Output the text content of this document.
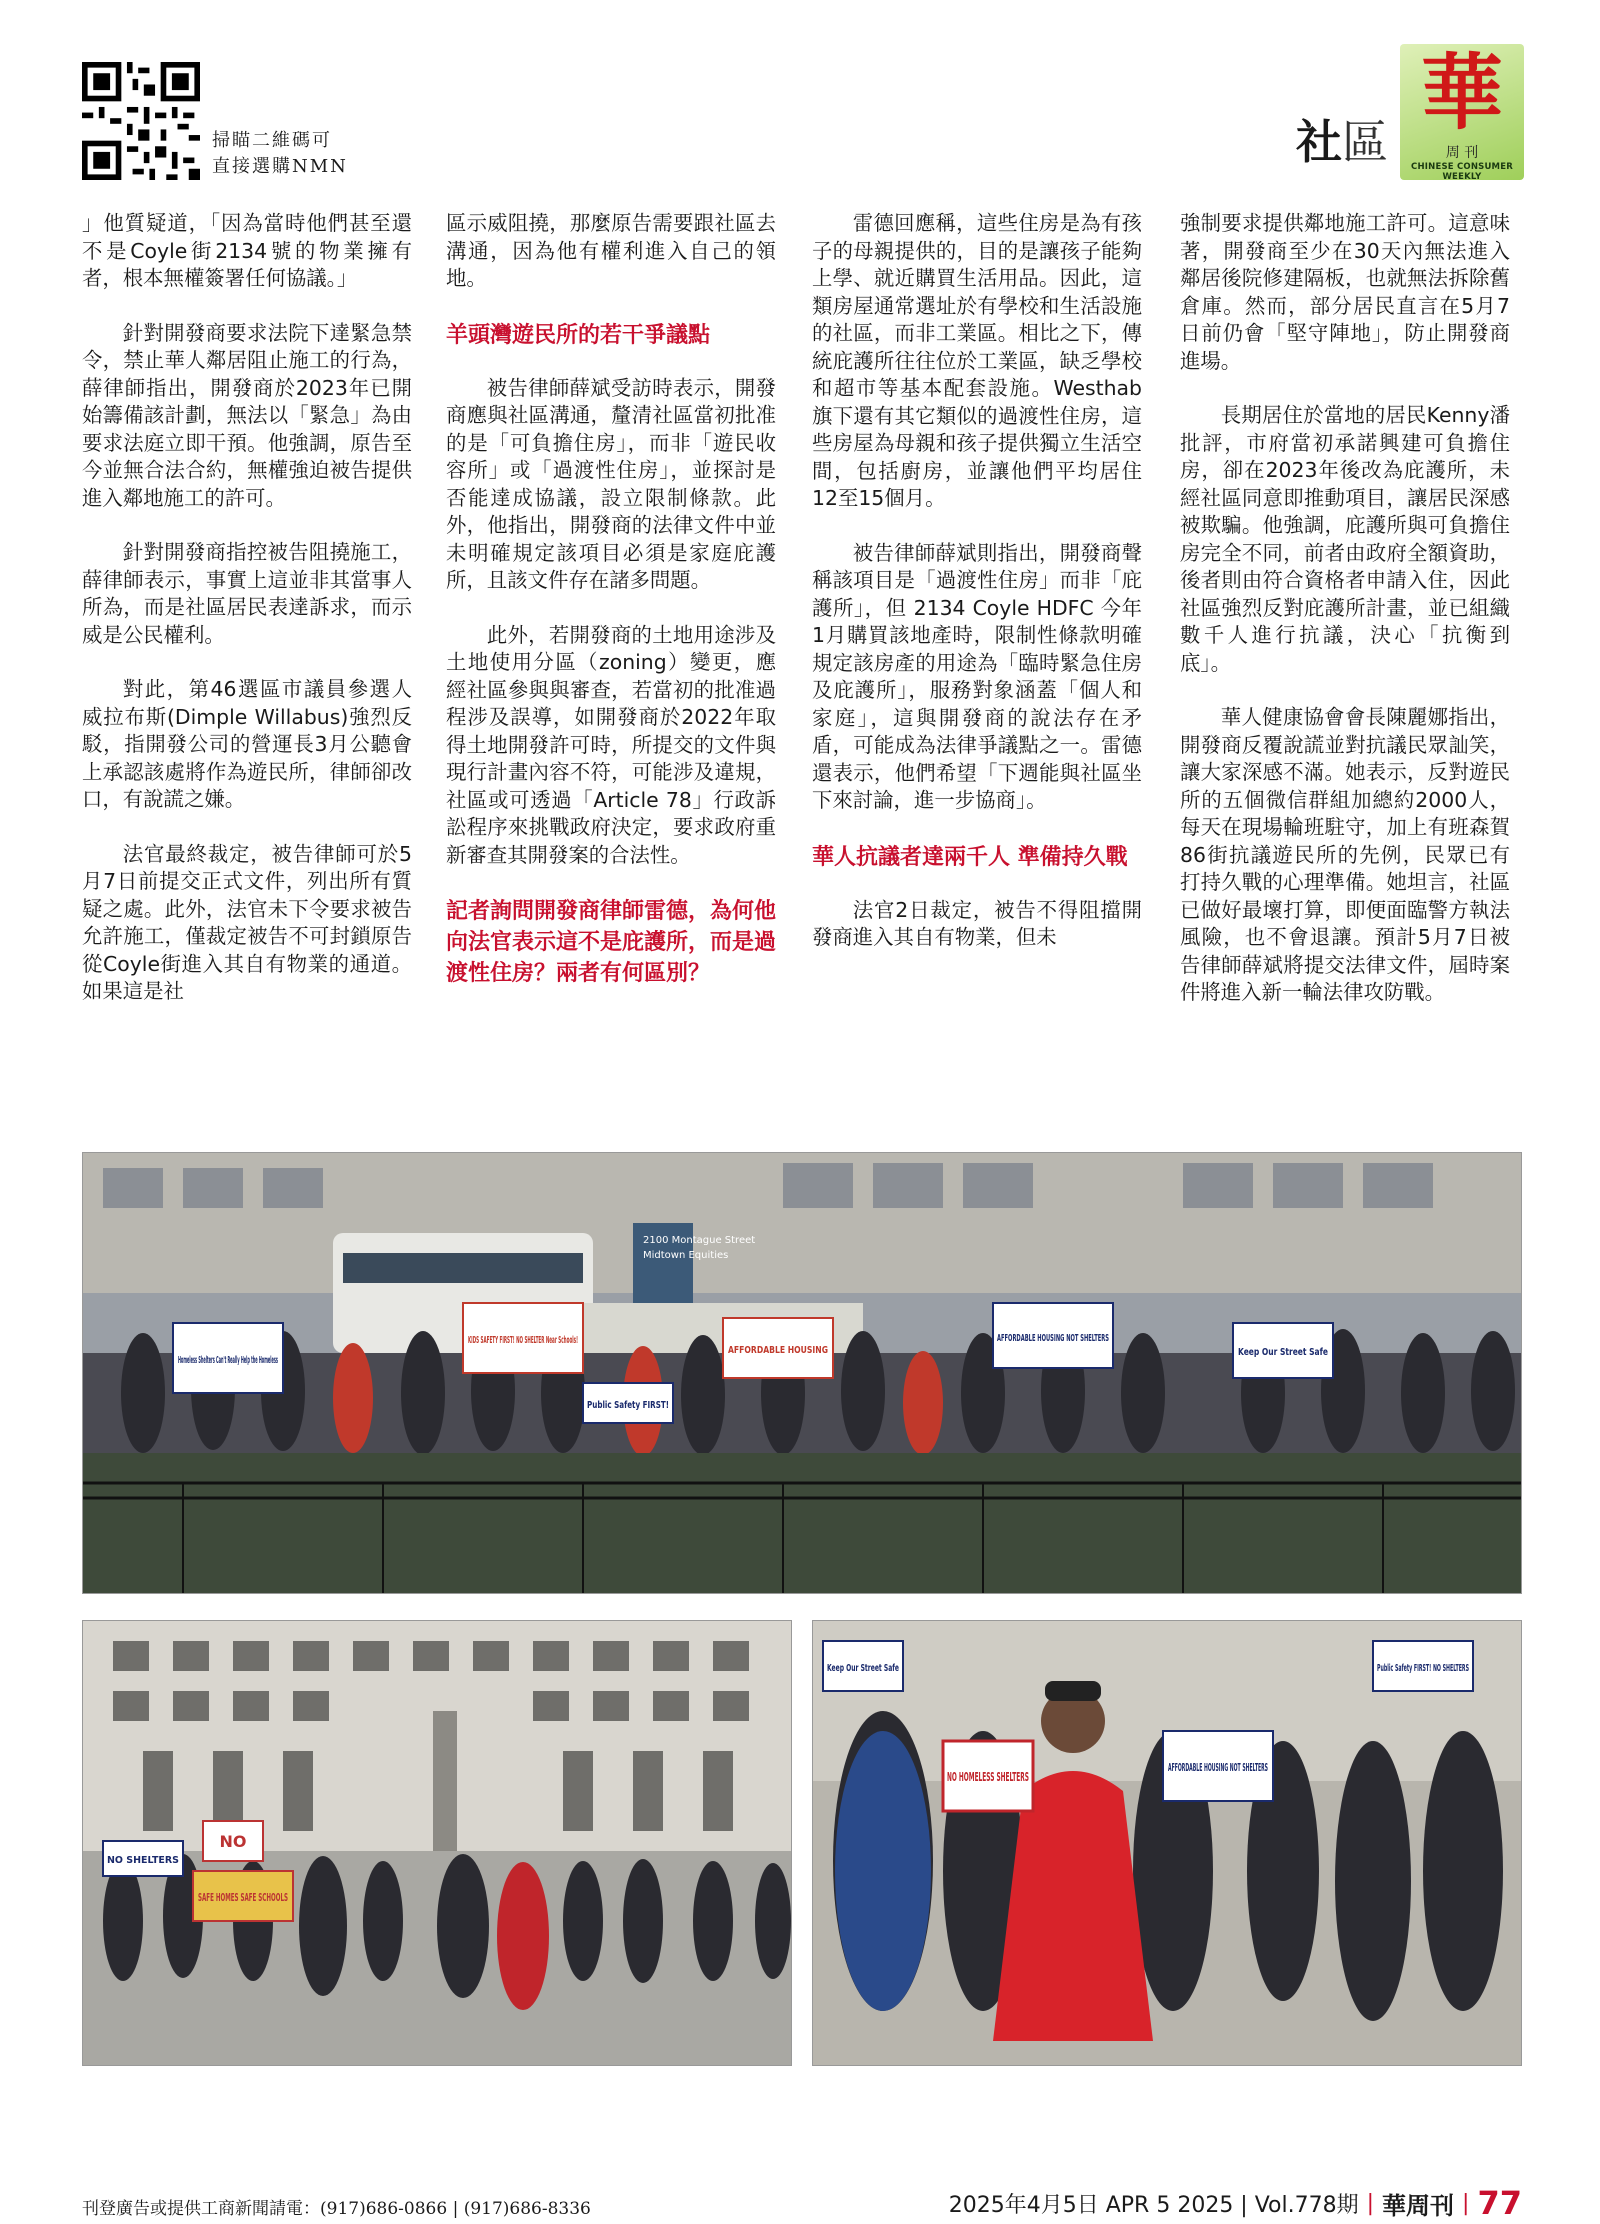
掃瞄二維碼可
直接選購NMN	社區
華
周 刊
CHINESE CONSUMER WEEKLY

」他質疑道，「因為當時他們甚至還不是Coyle街2134號的物業擁有者，根本無權簽署任何協議。」

針對開發商要求法院下達緊急禁令，禁止華人鄰居阻止施工的行為，薛律師指出，開發商於2023年已開始籌備該計劃，無法以「緊急」為由要求法庭立即干預。他強調，原告至今並無合法合約，無權強迫被告提供進入鄰地施工的許可。

針對開發商指控被告阻撓施工，薛律師表示，事實上這並非其當事人所為，而是社區居民表達訴求，而示威是公民權利。

對此，第46選區市議員參選人威拉布斯(Dimple Willabus)強烈反駁，指開發公司的營運長3月公聽會上承認該處將作為遊民所，律師卻改口，有說謊之嫌。

法官最終裁定，被告律師可於5月7日前提交正式文件，列出所有質疑之處。此外，法官未下令要求被告允許施工，僅裁定被告不可封鎖原告從Coyle街進入其自有物業的通道。如果這是社

區示威阻撓，那麼原告需要跟社區去溝通，因為他有權利進入自己的領地。

羊頭灣遊民所的若干爭議點

被告律師薛斌受訪時表示，開發商應與社區溝通，釐清社區當初批准的是「可負擔住房」，而非「遊民收容所」或「過渡性住房」，並探討是否能達成協議，設立限制條款。此外，他指出，開發商的法律文件中並未明確規定該項目必須是家庭庇護所，且該文件存在諸多問題。

此外，若開發商的土地用途涉及土地使用分區（zoning）變更，應經社區參與與審查，若當初的批准過程涉及誤導，如開發商於2022年取得土地開發許可時，所提交的文件與現行計畫內容不符，可能涉及違規，社區或可透過「Article 78」行政訴訟程序來挑戰政府決定，要求政府重新審查其開發案的合法性。

記者詢問開發商律師雷德，為何他向法官表示這不是庇護所，而是過渡性住房？兩者有何區別？

雷德回應稱，這些住房是為有孩子的母親提供的，目的是讓孩子能夠上學、就近購買生活用品。因此，這類房屋通常選址於有學校和生活設施的社區，而非工業區。相比之下，傳統庇護所往往位於工業區，缺乏學校和超市等基本配套設施。Westhab旗下還有其它類似的過渡性住房，這些房屋為母親和孩子提供獨立生活空間，包括廚房，並讓他們平均居住12至15個月。

被告律師薛斌則指出，開發商聲稱該項目是「過渡性住房」而非「庇護所」，但 2134 Coyle HDFC 今年1月購買該地產時，限制性條款明確規定該房產的用途為「臨時緊急住房及庇護所」，服務對象涵蓋「個人和家庭」，這與開發商的說法存在矛盾，可能成為法律爭議點之一。雷德還表示，他們希望「下週能與社區坐下來討論，進一步協商」。

華人抗議者達兩千人 準備持久戰

法官2日裁定，被告不得阻擋開發商進入其自有物業，但未

強制要求提供鄰地施工許可。這意味著，開發商至少在30天內無法進入鄰居後院修建隔板，也就無法拆除舊倉庫。然而，部分居民直言在5月7日前仍會「堅守陣地」，防止開發商進場。

長期居住於當地的居民Kenny潘批評，市府當初承諾興建可負擔住房，卻在2023年後改為庇護所，未經社區同意即推動項目，讓居民深感被欺騙。他強調，庇護所與可負擔住房完全不同，前者由政府全額資助，後者則由符合資格者申請入住，因此社區強烈反對庇護所計畫，並已組織數千人進行抗議，決心「抗衡到底」。

華人健康協會會長陳麗娜指出，開發商反覆說謊並對抗議民眾訕笑，讓大家深感不滿。她表示，反對遊民所的五個微信群組加總約2000人，每天在現場輪班駐守，加上有班森賀86街抗議遊民所的先例，民眾已有打持久戰的心理準備。她坦言，社區已做好最壞打算，即便面臨警方執法風險，也不會退讓。預計5月7日被告律師薛斌將提交法律文件，屆時案件將進入新一輪法律攻防戰。

2100 Montague Street
Midtown Equities
Homeless Shelters Can't Really Help the Homeless
KIDS SAFETY FIRST! NO SHELTER Near Schools!
AFFORDABLE HOUSING
AFFORDABLE HOUSING NOT SHELTERS
Keep Our Street Safe
Public Safety FIRST!
SAFE HOMES SAFE SCHOOLS
NO
NO SHELTERS
NO HOMELESS SHELTERS
AFFORDABLE HOUSING NOT SHELTERS
Public Safety FIRST! NO SHELTERS
Keep Our Street Safe
刊登廣告或提供工商新聞請電：(917)686-0866 | (917)686-8336	2025年4月5日 APR 5 2025 | Vol.778期 | 華周刊 | 77
